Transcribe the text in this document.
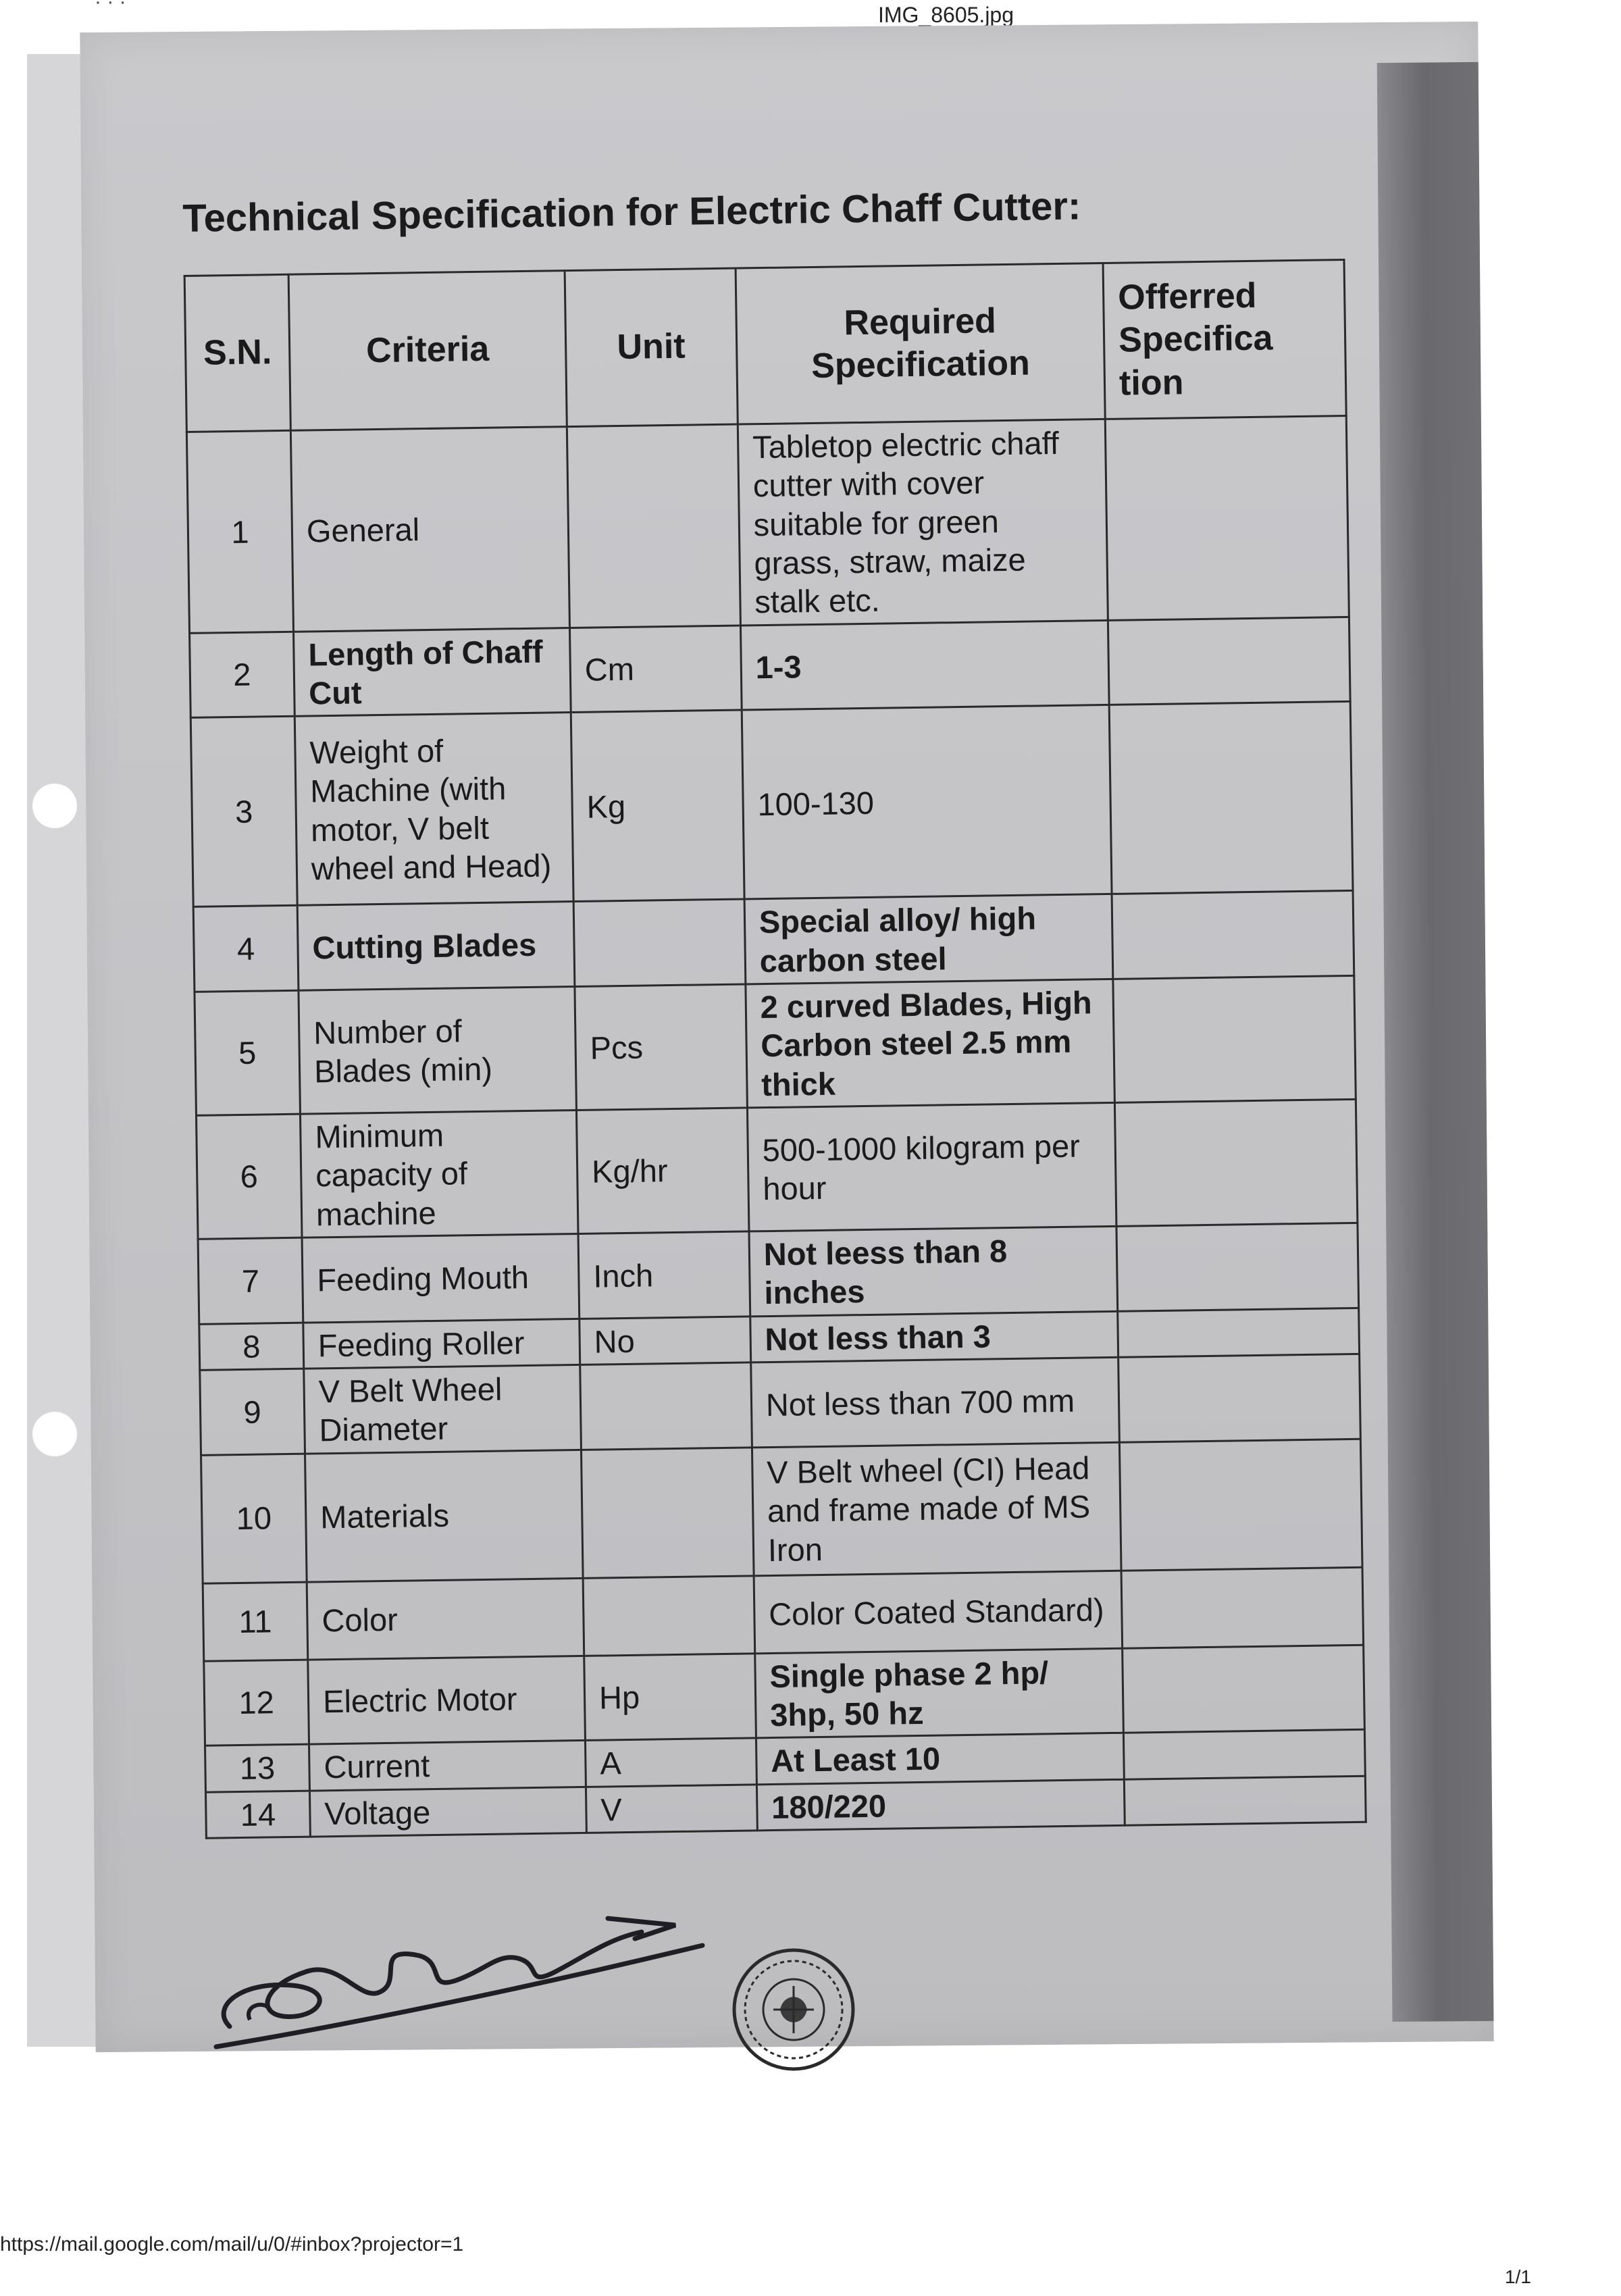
· · ·
IMG_8605.jpg
Technical Specification for Electric Chaff Cutter:
S.N.	Criteria	Unit	Required Specification	Offerred Specifica tion
1	General		Tabletop electric chaff cutter with cover suitable for green grass, straw, maize stalk etc.	
2	Length of Chaff Cut	Cm	1-3	
3	Weight of Machine (with motor, V belt wheel and Head)	Kg	100-130	
4	Cutting Blades		Special alloy/ high carbon steel	
5	Number of Blades (min)	Pcs	2 curved Blades, High Carbon steel 2.5 mm thick	
6	Minimum capacity of machine	Kg/hr	500-1000 kilogram per hour	
7	Feeding Mouth	Inch	Not leess than 8 inches	
8	Feeding Roller	No	Not less than 3	
9	V Belt Wheel Diameter		Not less than 700 mm	
10	Materials		V Belt wheel (CI) Head and frame made of MS Iron	
11	Color		Color Coated Standard)	
12	Electric Motor	Hp	Single phase 2 hp/ 3hp, 50 hz	
13	Current	A	At Least 10	
14	Voltage	V	180/220	
https://mail.google.com/mail/u/0/#inbox?projector=1
1/1
